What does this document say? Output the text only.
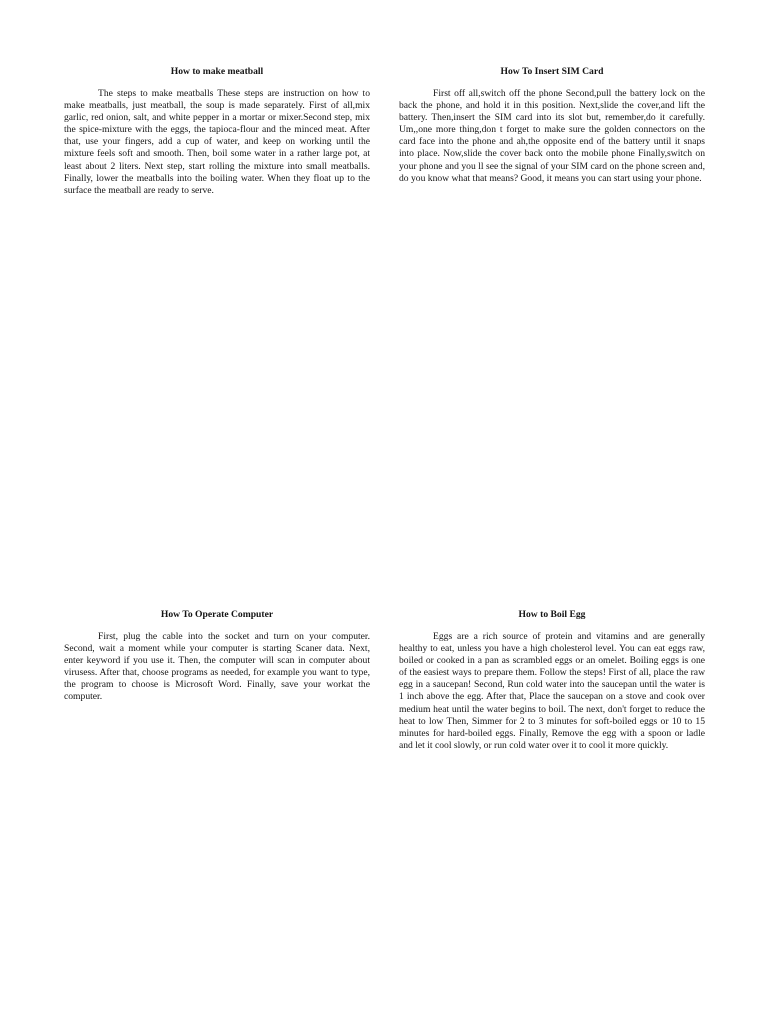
How to make meatball

The steps to make meatballs These steps are instruction on how to make meatballs, just meatball, the soup is made separately. First of all,mix garlic, red onion, salt, and white pepper in a mortar or mixer.Second step, mix the spice-mixture with the eggs, the tapioca-flour and the minced meat. After that, use your fingers, add a cup of water, and keep on working until the mixture feels soft and smooth. Then, boil some water in a rather large pot, at least about 2 liters. Next step, start rolling the mixture into small meatballs. Finally, lower the meatballs into the boiling water. When they float up to the surface the meatball are ready to serve.

How To Insert SIM Card

First off all,switch off the phone Second,pull the battery lock on the back the phone, and hold it in this position. Next,slide the cover,and lift the battery. Then,insert the SIM card into its slot but, remember,do it carefully. Um,,one more thing,don t forget to make sure the golden connectors on the card face into the phone and ah,the opposite end of the battery until it snaps into place. Now,slide the cover back onto the mobile phone Finally,switch on your phone and you ll see the signal of your SIM card on the phone screen and, do you know what that means? Good, it means you can start using your phone.

How To Operate Computer

First, plug the cable into the socket and turn on your computer. Second, wait a moment while your computer is starting Scaner data. Next, enter keyword if you use it. Then, the computer will scan in computer about virusess. After that, choose programs as needed, for example you want to type, the program to choose is Microsoft Word. Finally, save your workat the computer.

How to Boil Egg

Eggs are a rich source of protein and vitamins and are generally healthy to eat, unless you have a high cholesterol level. You can eat eggs raw, boiled or cooked in a pan as scrambled eggs or an omelet. Boiling eggs is one of the easiest ways to prepare them. Follow the steps! First of all, place the raw egg in a saucepan! Second, Run cold water into the saucepan until the water is 1 inch above the egg. After that, Place the saucepan on a stove and cook over medium heat until the water begins to boil. The next, don't forget to reduce the heat to low Then, Simmer for 2 to 3 minutes for soft-boiled eggs or 10 to 15 minutes for hard-boiled eggs. Finally, Remove the egg with a spoon or ladle and let it cool slowly, or run cold water over it to cool it more quickly.
